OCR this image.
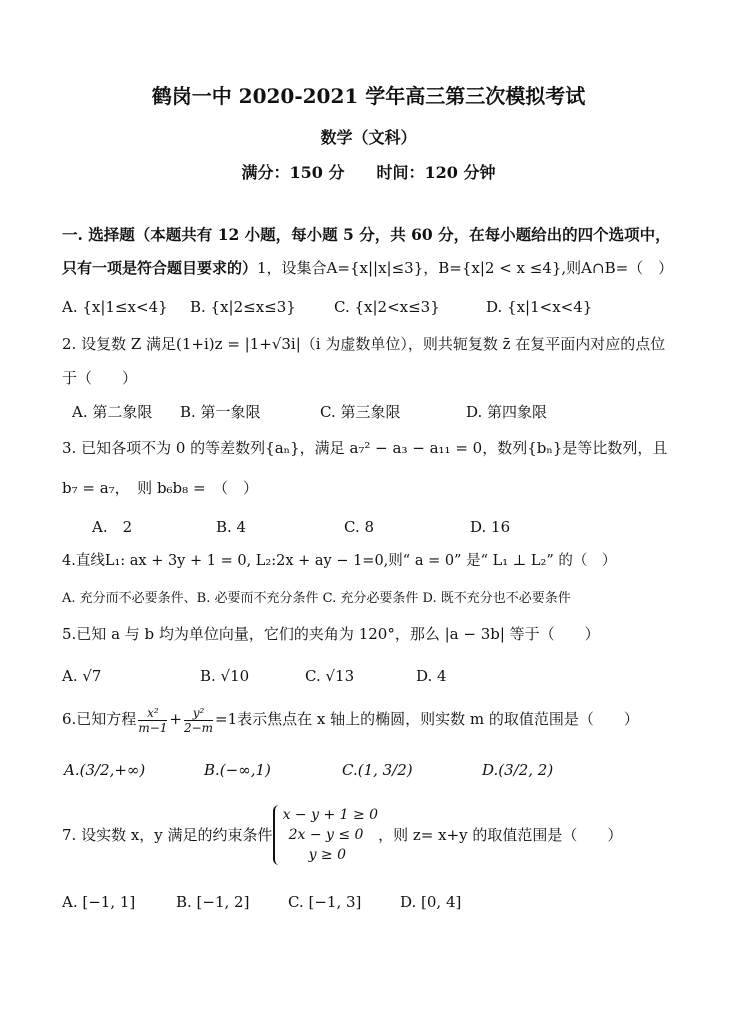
鹤岗一中 2020-2021 学年高三第三次模拟考试
数学（文科）
满分：150 分　　时间：120 分钟
一. 选择题（本题共有 12 小题，每小题 5 分，共 60 分，在每小题给出的四个选项中，
只有一项是符合题目要求的）1，设集合A={x||x|≤3}，B={x|2 < x ≤4},则A∩B=（　）
A. {x|1≤x<4} B. {x|2≤x≤3}	C. {x|2<x≤3}	D. {x|1<x<4}
2. 设复数 Z 满足(1+i)z = |1+√3i|（i 为虚数单位），则共轭复数 z̄ 在复平面内对应的点位
于（　　）
A. 第二象限 B. 第一象限	C. 第三象限	D. 第四象限
3. 已知各项不为 0 的等差数列{aₙ}，满足 a₇² − a₃ − a₁₁ = 0，数列{bₙ}是等比数列，且
b₇ = a₇，　则 b₆b₈ =　（　）
A.　2	B. 4	C. 8	D. 16
4.直线L₁: ax + 3y + 1 = 0, L₂:2x + ay − 1=0,则“ a = 0” 是“ L₁ ⊥ L₂” 的（　）
A. 充分而不必要条件、B. 必要而不充分条件 C. 充分必要条件 D. 既不充分也不必要条件
5.已知 a 与 b 均为单位向量，它们的夹角为 120°，那么 |a − 3b| 等于（　　）
A. √7	B. √10	C. √13	D. 4
6.已知方程 $\frac{\text{x²}}{m-1} + \frac{\text{y²}}{2-m} =1$表示焦点在 x 轴上的椭圆，则实数 m 的取值范围是（　　）
A.(3/2,+∞)	B.(−∞,1)	C.(1, 3/2)	D.(3/2, 2)
7. 设实数 x，y 满足的约束条件
x − y + 1 ≥ 0
2x − y ≤ 0
y ≥ 0
，则 z= x+y 的取值范围是（　　）
A. [−1, 1]	B. [−1, 2]	C. [−1, 3]	D. [0, 4]
